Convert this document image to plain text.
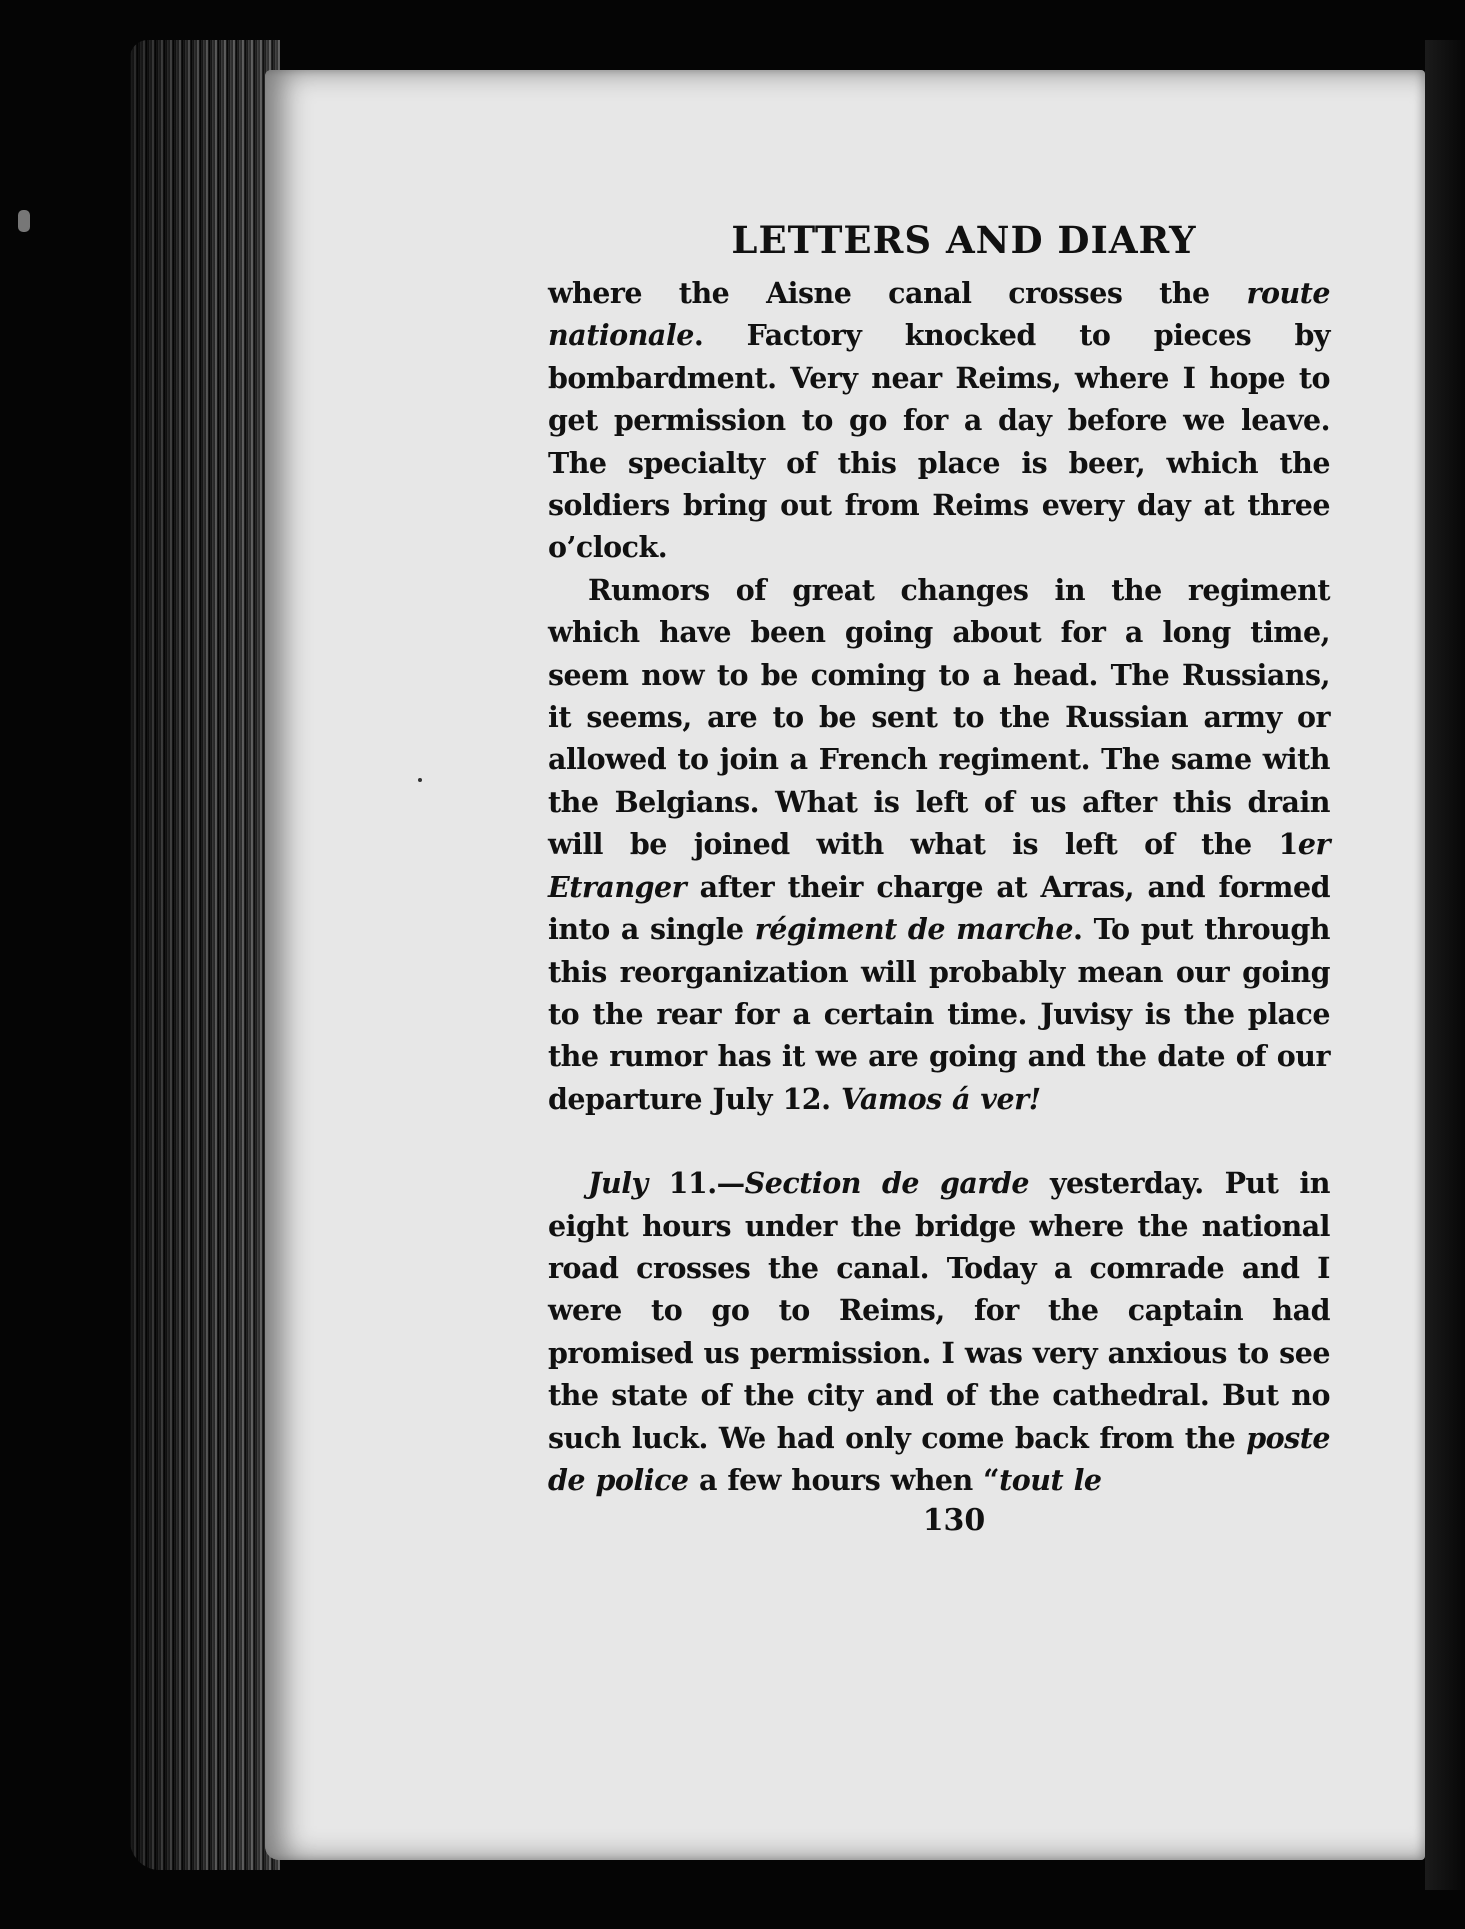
LETTERS AND DIARY

where the Aisne canal crosses the route nationale. Factory knocked to pieces by bombardment. Very near Reims, where I hope to get permission to go for a day before we leave. The specialty of this place is beer, which the soldiers bring out from Reims every day at three o’clock.

Rumors of great changes in the regiment which have been going about for a long time, seem now to be coming to a head. The Russians, it seems, are to be sent to the Russian army or allowed to join a French regiment. The same with the Belgians. What is left of us after this drain will be joined with what is left of the 1er Etranger after their charge at Arras, and formed into a single régiment de marche. To put through this reorganization will probably mean our going to the rear for a certain time. Juvisy is the place the rumor has it we are going and the date of our departure July 12. Vamos á ver!

July 11.—Section de garde yesterday. Put in eight hours under the bridge where the national road crosses the canal. Today a comrade and I were to go to Reims, for the captain had promised us permission. I was very anxious to see the state of the city and of the cathedral. But no such luck. We had only come back from the poste de police a few hours when “tout le

130
